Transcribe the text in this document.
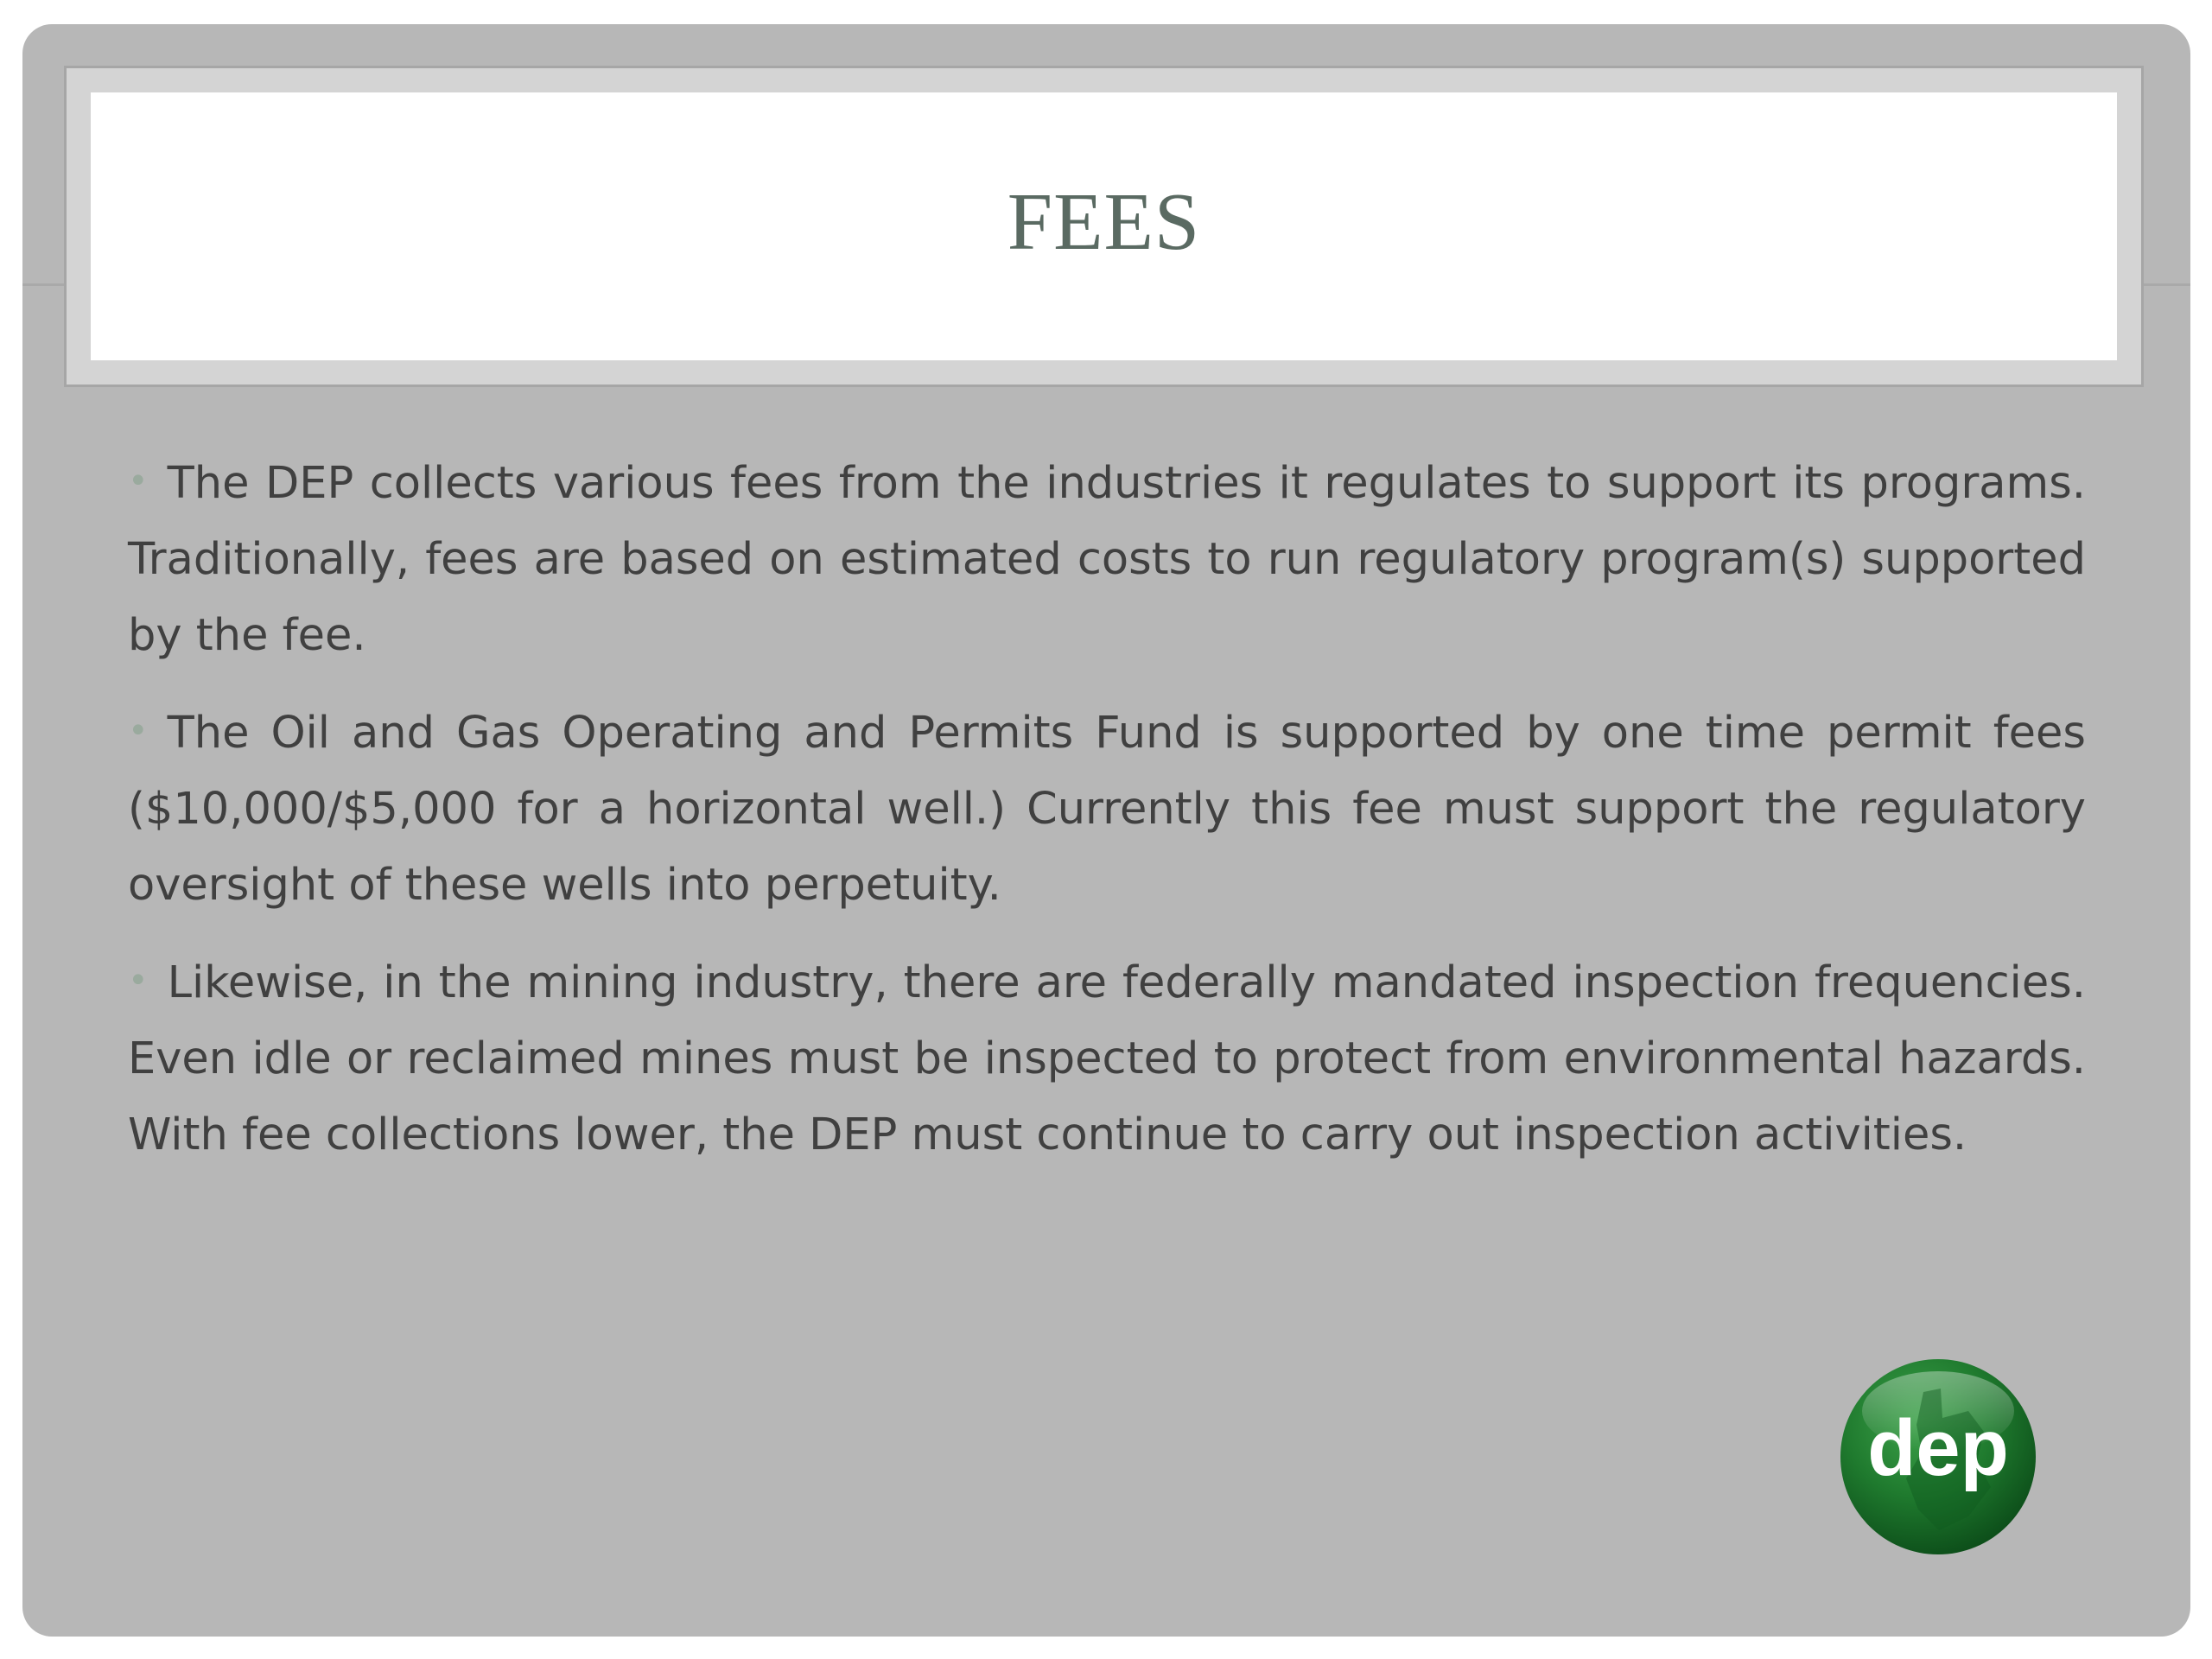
FEES

• The DEP collects various fees from the industries it regulates to support its programs. Traditionally, fees are based on estimated costs to run regulatory program(s) supported by the fee.

• The Oil and Gas Operating and Permits Fund is supported by one time permit fees ($10,000/$5,000 for a horizontal well.) Currently this fee must support the regulatory oversight of these wells into perpetuity.

• Likewise, in the mining industry, there are federally mandated inspection frequencies. Even idle or reclaimed mines must be inspected to protect from environmental hazards. With fee collections lower, the DEP must continue to carry out inspection activities.

dep
